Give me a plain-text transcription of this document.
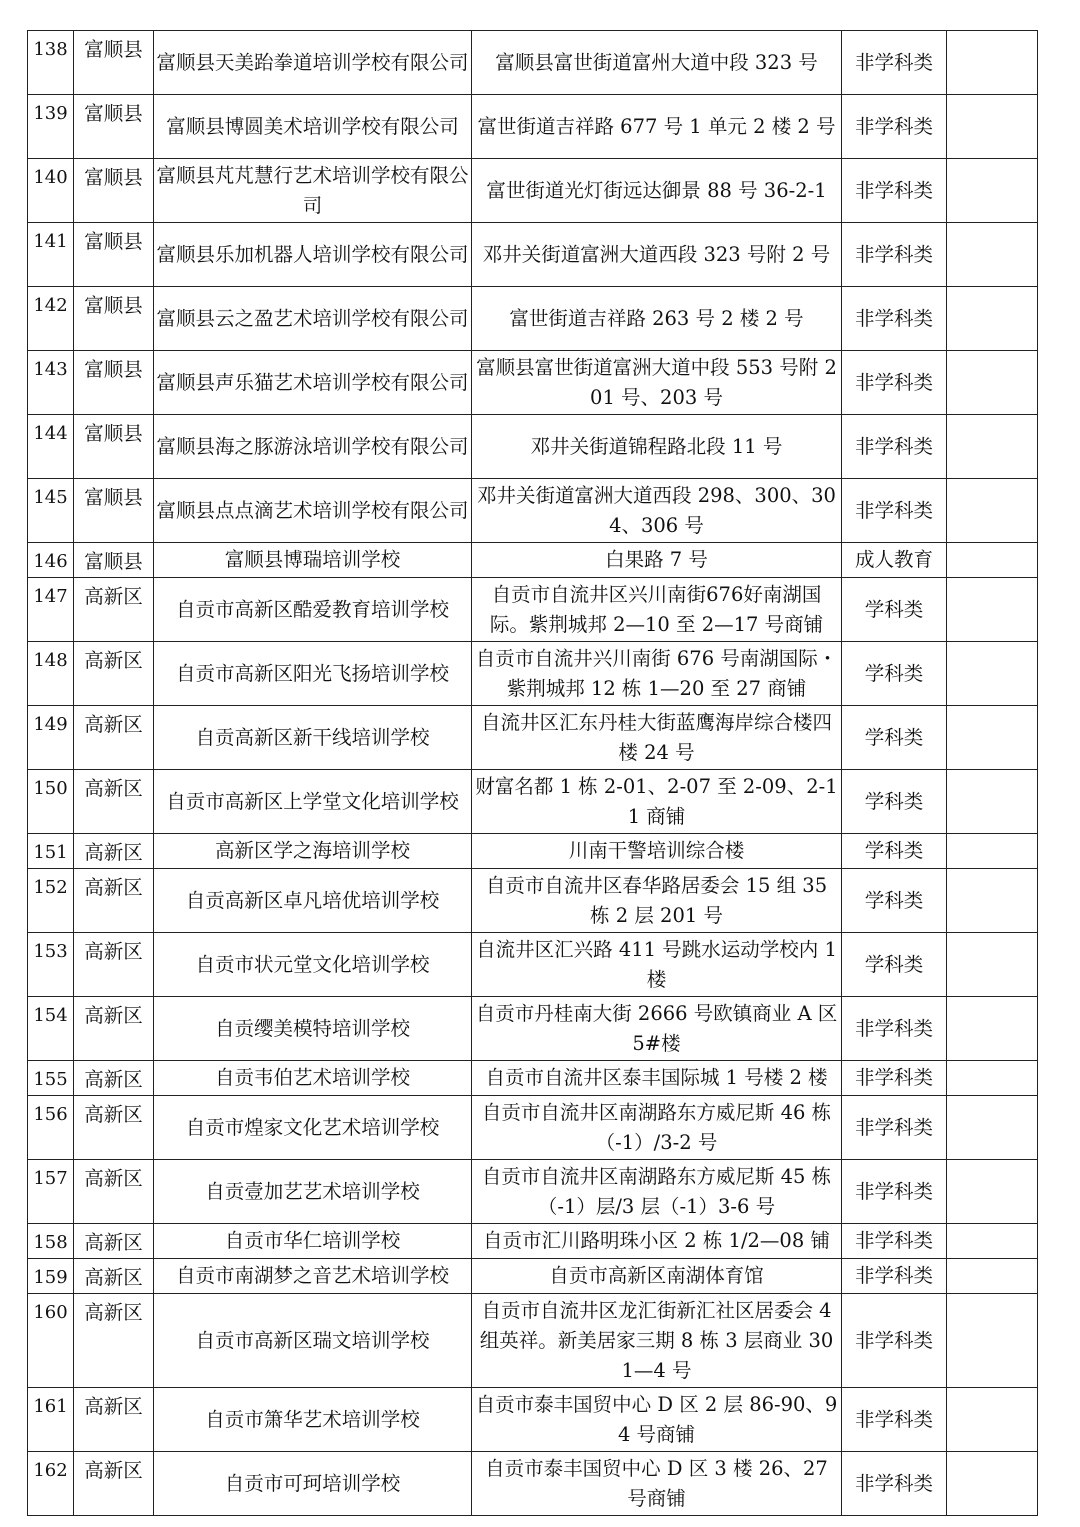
138	富顺县	富顺县天美跆拳道培训学校有限公司	富顺县富世街道富州大道中段 323 号	非学科类	
139	富顺县	富顺县博圆美术培训学校有限公司	富世街道吉祥路 677 号 1 单元 2 楼 2 号	非学科类	
140	富顺县	富顺县芃芃慧行艺术培训学校有限公司	富世街道光灯街远达御景 88 号 36-2-1	非学科类	
141	富顺县	富顺县乐加机器人培训学校有限公司	邓井关街道富洲大道西段 323 号附 2 号	非学科类	
142	富顺县	富顺县云之盈艺术培训学校有限公司	富世街道吉祥路 263 号 2 楼 2 号	非学科类	
143	富顺县	富顺县声乐猫艺术培训学校有限公司	富顺县富世街道富洲大道中段 553 号附 201 号、203 号	非学科类	
144	富顺县	富顺县海之豚游泳培训学校有限公司	邓井关街道锦程路北段 11 号	非学科类	
145	富顺县	富顺县点点滴艺术培训学校有限公司	邓井关街道富洲大道西段 298、300、304、306 号	非学科类	
146	富顺县	富顺县博瑞培训学校	白果路 7 号	成人教育	
147	高新区	自贡市高新区酷爱教育培训学校	自贡市自流井区兴川南街676好南湖国际。紫荆城邦 2—10 至 2—17 号商铺	学科类	
148	高新区	自贡市高新区阳光飞扬培训学校	自贡市自流井兴川南街 676 号南湖国际・紫荆城邦 12 栋 1—20 至 27 商铺	学科类	
149	高新区	自贡高新区新干线培训学校	自流井区汇东丹桂大街蓝鹰海岸综合楼四楼 24 号	学科类	
150	高新区	自贡市高新区上学堂文化培训学校	财富名都 1 栋 2-01、2-07 至 2-09、2-11 商铺	学科类	
151	高新区	高新区学之海培训学校	川南干警培训综合楼	学科类	
152	高新区	自贡高新区卓凡培优培训学校	自贡市自流井区春华路居委会 15 组 35 栋 2 层 201 号	学科类	
153	高新区	自贡市状元堂文化培训学校	自流井区汇兴路 411 号跳水运动学校内 1 楼	学科类	
154	高新区	自贡缨美模特培训学校	自贡市丹桂南大街 2666 号欧镇商业 A 区 5#楼	非学科类	
155	高新区	自贡韦伯艺术培训学校	自贡市自流井区泰丰国际城 1 号楼 2 楼	非学科类	
156	高新区	自贡市煌家文化艺术培训学校	自贡市自流井区南湖路东方威尼斯 46 栋（-1）/3-2 号	非学科类	
157	高新区	自贡壹加艺艺术培训学校	自贡市自流井区南湖路东方威尼斯 45 栋（-1）层/3 层（-1）3-6 号	非学科类	
158	高新区	自贡市华仁培训学校	自贡市汇川路明珠小区 2 栋 1/2—08 铺	非学科类	
159	高新区	自贡市南湖梦之音艺术培训学校	自贡市高新区南湖体育馆	非学科类	
160	高新区	自贡市高新区瑞文培训学校	自贡市自流井区龙汇街新汇社区居委会 4 组英祥。新美居家三期 8 栋 3 层商业 301—4 号	非学科类	
161	高新区	自贡市箫华艺术培训学校	自贡市泰丰国贸中心 D 区 2 层 86-90、94 号商铺	非学科类	
162	高新区	自贡市可珂培训学校	自贡市泰丰国贸中心 D 区 3 楼 26、27 号商铺	非学科类	
